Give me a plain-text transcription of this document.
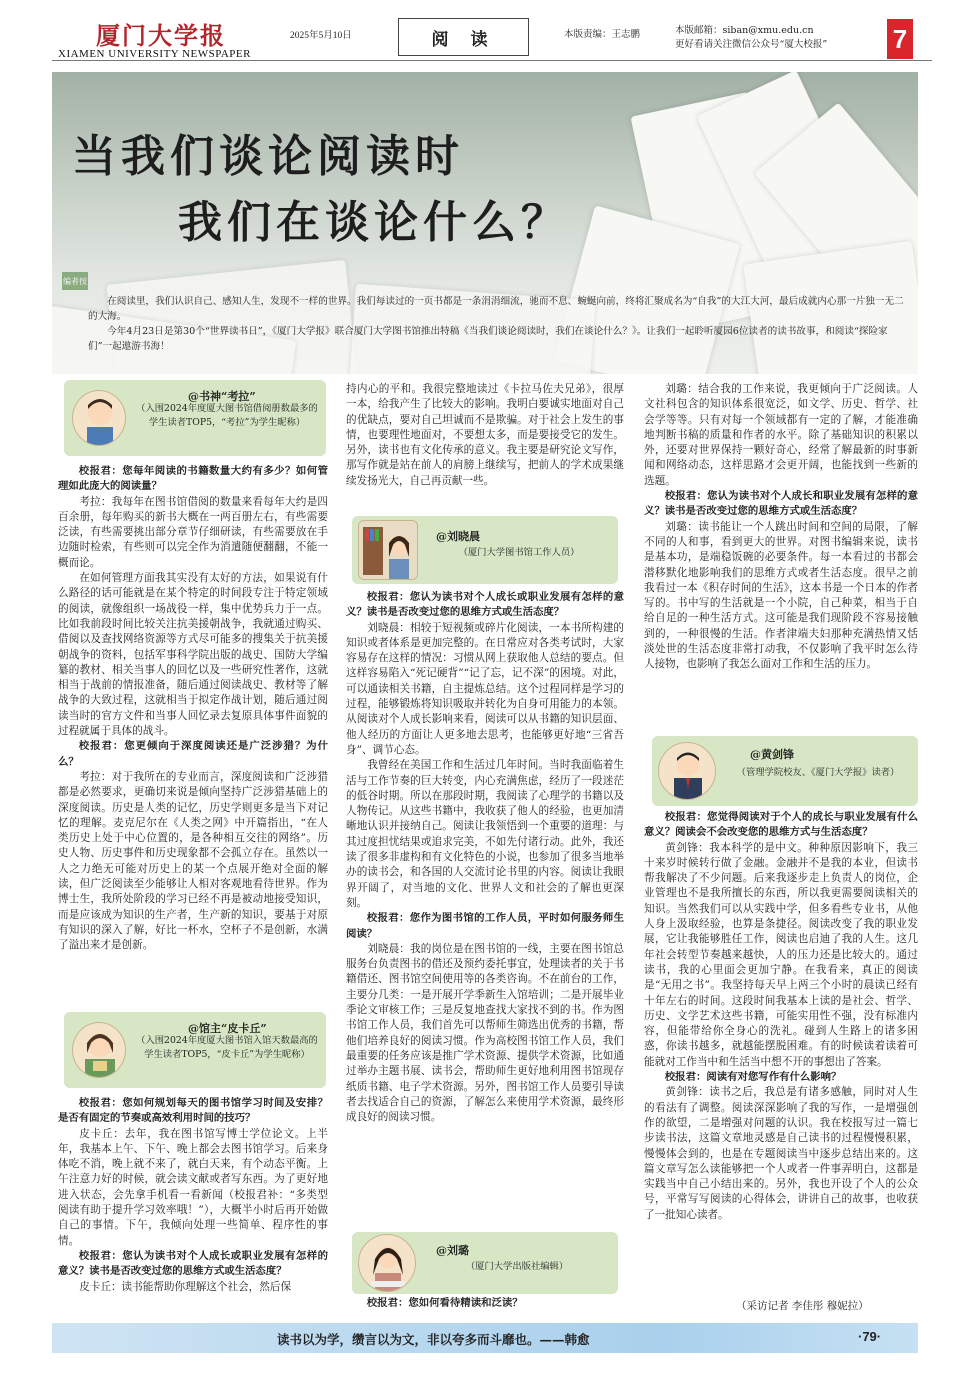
厦门大学报
XIAMEN UNIVERSITY NEWSPAPER
2025年5月10日	阅 读	本版责编：王志鹏	本版邮箱：siban@xmu.edu.cn
更好看请关注微信公众号“厦大校报”	7
当我们谈论阅读时
我们在谈论什么？
编者按

在阅读里，我们认识自己、感知人生，发现不一样的世界。我们每读过的一页书都是一条涓涓细流，驰而不息、蜿蜒向前，终将汇聚成名为“自我”的大江大河，最后成就内心那一片独一无二的大海。

今年4月23日是第30个“世界读书日”，《厦门大学报》联合厦门大学图书馆推出特稿《当我们谈论阅读时，我们在谈论什么？》。让我们一起聆听厦园6位读者的读书故事，和阅读“探险家们”一起遨游书海！

@书神“考拉”
（入围2024年度厦大图书馆借阅册数最多的学生读者TOP5，“考拉”为学生昵称）

校报君：您每年阅读的书籍数量大约有多少？如何管理如此庞大的阅读量？

考拉：我每年在图书馆借阅的数量来看每年大约是四百余册，每年购买的新书大概在一两百册左右，有些需要泛读，有些需要挑出部分章节仔细研读，有些需要放在手边随时检索，有些则可以完全作为消遣随便翻翻，不能一概而论。

在如何管理方面我其实没有太好的方法，如果说有什么路径的话可能就是在某个特定的时间段专注于特定领域的阅读，就像组织一场战役一样，集中优势兵力于一点。比如我前段时间比较关注抗美援朝战争，我就通过购买、借阅以及查找网络资源等方式尽可能多的搜集关于抗美援朝战争的资料，包括军事科学院出版的战史、国防大学编纂的教材、相关当事人的回忆以及一些研究性著作，这就相当于战前的情报准备，随后通过阅读战史、教材等了解战争的大致过程，这就相当于拟定作战计划，随后通过阅读当时的官方文件和当事人回忆录去复原具体事件面貌的过程就属于具体的战斗。

校报君：您更倾向于深度阅读还是广泛涉猎？为什么？

考拉：对于我所在的专业而言，深度阅读和广泛涉猎都是必然要求，更确切来说是倾向坚持广泛涉猎基础上的深度阅读。历史是人类的记忆，历史学则更多是当下对记忆的理解。麦克尼尔在《人类之网》中开篇指出，“在人类历史上处于中心位置的，是各种相互交往的网络”。历史人物、历史事件和历史现象都不会孤立存在。虽然以一人之力绝无可能对历史上的某一个点展开绝对全面的解读，但广泛阅读至少能够让人相对客观地看待世界。作为博士生，我所处阶段的学习已经不再是被动地接受知识，而是应该成为知识的生产者，生产新的知识，要基于对原有知识的深入了解，好比一杯水，空杯子不是创新，水满了溢出来才是创新。

@馆主“皮卡丘”
（入围2024年度厦大图书馆入馆天数最高的学生读者TOP5，“皮卡丘”为学生昵称）

校报君：您如何规划每天的图书馆学习时间及安排？是否有固定的节奏或高效利用时间的技巧？

皮卡丘：去年，我在图书馆写博士学位论文。上半年，我基本上午、下午、晚上都会去图书馆学习。后来身体吃不消，晚上就不来了，就白天来，有个动态平衡。上午注意力好的时候，就会读文献或者写东西。为了更好地进入状态，会先拿手机看一看新闻（校报君补：“多类型阅读有助于提升学习效率哦！”），大概半小时后再开始做自己的事情。下午，我倾向处理一些简单、程序性的事情。

校报君：您认为读书对个人成长或职业发展有怎样的意义？读书是否改变过您的思维方式或生活态度？

皮卡丘：读书能帮助你理解这个社会，然后保

持内心的平和。我很完整地读过《卡拉马佐夫兄弟》，很厚一本，给我产生了比较大的影响。我明白要诚实地面对自己的优缺点，要对自己坦诚而不是欺骗。对于社会上发生的事情，也要理性地面对，不要想太多，而是要接受它的发生。另外，读书也有文化传承的意义。我主要是研究论文写作，那写作就是站在前人的肩膀上继续写，把前人的学术成果继续发扬光大，自己再贡献一些。

@刘晓晨
（厦门大学图书馆工作人员）

校报君：您认为读书对个人成长或职业发展有怎样的意义？读书是否改变过您的思维方式或生活态度？

刘晓晨：相较于短视频或碎片化阅读，一本书所构建的知识或者体系是更加完整的。在日常应对各类考试时，大家容易存在这样的情况：习惯从网上获取他人总结的要点。但这样容易陷入“死记硬背”“记了忘，记不深”的困境。对此，可以通读相关书籍，自主提炼总结。这个过程同样是学习的过程，能够锻炼将知识吸取并转化为自身可用能力的本领。从阅读对个人成长影响来看，阅读可以从书籍的知识层面、他人经历的方面让人更多地去思考，也能够更好地“三省吾身”、调节心态。

我曾经在美国工作和生活过几年时间。当时我面临着生活与工作节奏的巨大转变，内心充满焦虑，经历了一段迷茫的低谷时期。所以在那段时期，我阅读了心理学的书籍以及人物传记。从这些书籍中，我收获了他人的经验，也更加清晰地认识并接纳自己。阅读让我领悟到一个重要的道理：与其过度担忧结果或追求完美，不如先付诸行动。此外，我还读了很多非虚构和有文化特色的小说，也参加了很多当地举办的读书会，和各国的人交流讨论书里的内容。阅读让我眼界开阔了，对当地的文化、世界人文和社会的了解也更深刻。

校报君：您作为图书馆的工作人员，平时如何服务师生阅读？

刘晓晨：我的岗位是在图书馆的一线，主要在图书馆总服务台负责图书的借还及预约委托事宜，处理读者的关于书籍借还、图书馆空间使用等的各类咨询。不在前台的工作，主要分几类：一是开展开学季新生入馆培训；二是开展毕业季论文审核工作；三是反复地查找大家找不到的书。作为图书馆工作人员，我们首先可以帮师生筛选出优秀的书籍，帮他们培养良好的阅读习惯。作为高校图书馆工作人员，我们最重要的任务应该是推广学术资源、提供学术资源，比如通过举办主题书展、读书会，帮助师生更好地利用图书馆现存纸质书籍、电子学术资源。另外，图书馆工作人员要引导读者去找适合自己的资源，了解怎么来使用学术资源，最终形成良好的阅读习惯。

@刘璐
（厦门大学出版社编辑）

校报君：您如何看待精读和泛读？

刘璐：结合我的工作来说，我更倾向于广泛阅读。人文社科包含的知识体系很宽泛，如文学、历史、哲学、社会学等等。只有对每一个领域都有一定的了解，才能准确地判断书稿的质量和作者的水平。除了基础知识的积累以外，还要对世界保持一颗好奇心，经常了解最新的时事新闻和网络动态，这样思路才会更开阔，也能找到一些新的选题。

校报君：您认为读书对个人成长和职业发展有怎样的意义？读书是否改变过您的思维方式或生活态度？

刘璐：读书能让一个人跳出时间和空间的局限，了解不同的人和事，看到更大的世界。对图书编辑来说，读书是基本功，是端稳饭碗的必要条件。每一本看过的书都会潜移默化地影响我们的思维方式或者生活态度。很早之前我看过一本《积存时间的生活》，这本书是一个日本的作者写的。书中写的生活就是一个小院，自己种菜，相当于自给自足的一种生活方式。这可能是我们现阶段不容易接触到的，一种很慢的生活。作者津端夫妇那种充满热情又恬淡处世的生活态度非常打动我，不仅影响了我平时怎么待人接物，也影响了我怎么面对工作和生活的压力。

@黄剑锋
（管理学院校友、《厦门大学报》读者）

校报君：您觉得阅读对于个人的成长与职业发展有什么意义？阅读会不会改变您的思维方式与生活态度？

黄剑锋：我本科学的是中文。种种原因影响下，我三十来岁时候转行做了金融。金融并不是我的本业，但读书帮我解决了不少问题。后来我逐步走上负责人的岗位，企业管理也不是我所擅长的东西，所以我更需要阅读相关的知识。当然我们可以从实践中学，但多看些专业书，从他人身上汲取经验，也算是条捷径。阅读改变了我的职业发展，它让我能够胜任工作，阅读也启迪了我的人生。这几年社会转型节奏越来越快，人的压力还是比较大的。通过读书，我的心里面会更加宁静。在我看来，真正的阅读是“无用之书”。我坚持每天早上两三个小时的晨读已经有十年左右的时间。这段时间我基本上读的是社会、哲学、历史、文学艺术这些书籍，可能实用性不强，没有标准内容，但能带给你全身心的洗礼。碰到人生路上的诸多困惑，你读书越多，就越能摆脱困难。有的时候读着读着可能就对工作当中和生活当中想不开的事想出了答案。

校报君：阅读有对您写作有什么影响？

黄剑锋：读书之后，我总是有诸多感触，同时对人生的看法有了调整。阅读深深影响了我的写作，一是增强创作的欲望，二是增强对问题的认识。我在校报写过一篇七步读书法，这篇文章地灵感是自己读书的过程慢慢积累，慢慢体会到的，也是在专题阅读当中逐步总结出来的。这篇文章写怎么读能够把一个人或者一件事弄明白，这都是实践当中自己小结出来的。另外，我也开设了个人的公众号，平常写写阅读的心得体会，讲讲自己的故事，也收获了一批知心读者。

（采访记者 李佳彤 穆妮拉）
读书以为学，缵言以为文，非以夸多而斗靡也。——韩愈	·79·
